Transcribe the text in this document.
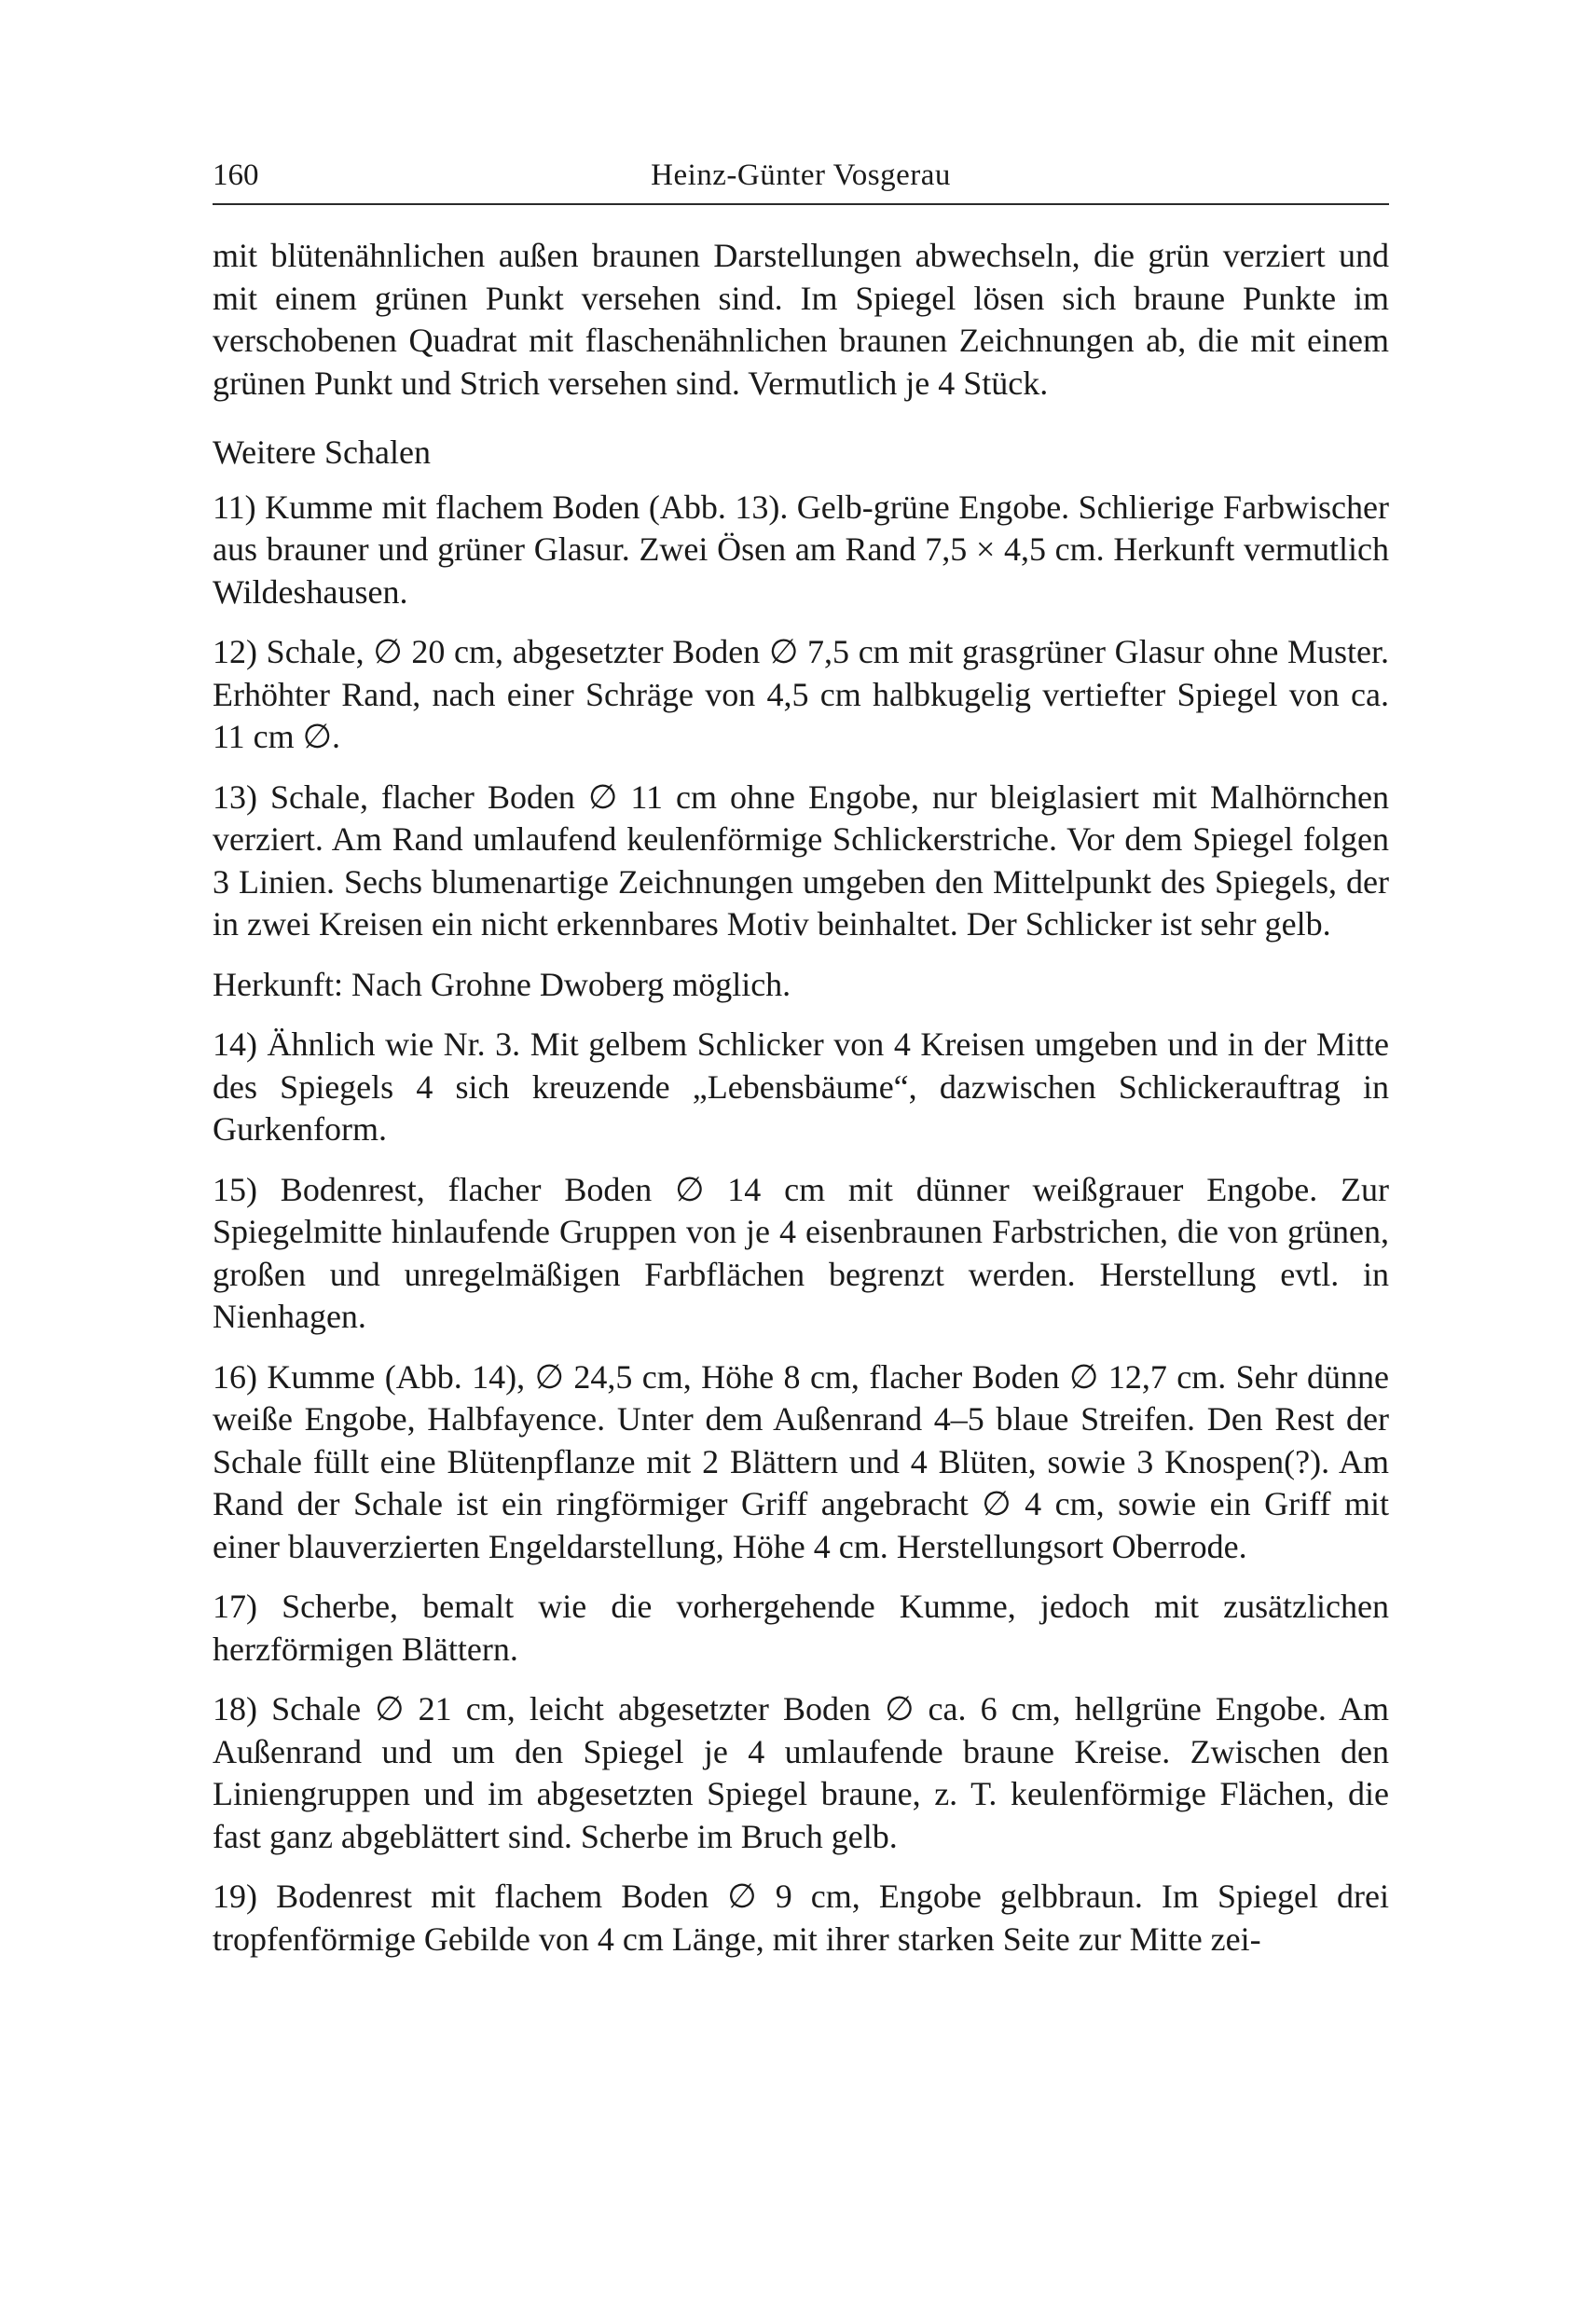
160	Heinz-Günter Vosgerau

mit blütenähnlichen außen braunen Darstellungen abwechseln, die grün verziert und mit einem grünen Punkt versehen sind. Im Spiegel lösen sich braune Punkte im verschobenen Quadrat mit flaschenähnlichen braunen Zeichnungen ab, die mit einem grünen Punkt und Strich versehen sind. Vermutlich je 4 Stück.

Weitere Schalen

11) Kumme mit flachem Boden (Abb. 13). Gelb-grüne Engobe. Schlierige Farbwischer aus brauner und grüner Glasur. Zwei Ösen am Rand 7,5 × 4,5 cm. Herkunft vermutlich Wildeshausen.

12) Schale, ∅ 20 cm, abgesetzter Boden ∅ 7,5 cm mit grasgrüner Glasur ohne Muster. Erhöhter Rand, nach einer Schräge von 4,5 cm halbkugelig vertiefter Spiegel von ca. 11 cm ∅.

13) Schale, flacher Boden ∅ 11 cm ohne Engobe, nur bleiglasiert mit Malhörnchen verziert. Am Rand umlaufend keulenförmige Schlickerstriche. Vor dem Spiegel folgen 3 Linien. Sechs blumenartige Zeichnungen umgeben den Mittelpunkt des Spiegels, der in zwei Kreisen ein nicht erkennbares Motiv beinhaltet. Der Schlicker ist sehr gelb.

Herkunft: Nach Grohne Dwoberg möglich.

14) Ähnlich wie Nr. 3. Mit gelbem Schlicker von 4 Kreisen umgeben und in der Mitte des Spiegels 4 sich kreuzende „Lebensbäume“, dazwischen Schlickerauftrag in Gurkenform.

15) Bodenrest, flacher Boden ∅ 14 cm mit dünner weißgrauer Engobe. Zur Spiegelmitte hinlaufende Gruppen von je 4 eisenbraunen Farbstrichen, die von grünen, großen und unregelmäßigen Farbflächen begrenzt werden. Herstellung evtl. in Nienhagen.

16) Kumme (Abb. 14), ∅ 24,5 cm, Höhe 8 cm, flacher Boden ∅ 12,7 cm. Sehr dünne weiße Engobe, Halbfayence. Unter dem Außenrand 4–5 blaue Streifen. Den Rest der Schale füllt eine Blütenpflanze mit 2 Blättern und 4 Blüten, sowie 3 Knospen(?). Am Rand der Schale ist ein ringförmiger Griff angebracht ∅ 4 cm, sowie ein Griff mit einer blauverzierten Engeldarstellung, Höhe 4 cm. Herstellungsort Oberrode.

17) Scherbe, bemalt wie die vorhergehende Kumme, jedoch mit zusätzlichen herzförmigen Blättern.

18) Schale ∅ 21 cm, leicht abgesetzter Boden ∅ ca. 6 cm, hellgrüne Engobe. Am Außenrand und um den Spiegel je 4 umlaufende braune Kreise. Zwischen den Liniengruppen und im abgesetzten Spiegel braune, z. T. keulenförmige Flächen, die fast ganz abgeblättert sind. Scherbe im Bruch gelb.

19) Bodenrest mit flachem Boden ∅ 9 cm, Engobe gelbbraun. Im Spiegel drei tropfenförmige Gebilde von 4 cm Länge, mit ihrer starken Seite zur Mitte zei-
